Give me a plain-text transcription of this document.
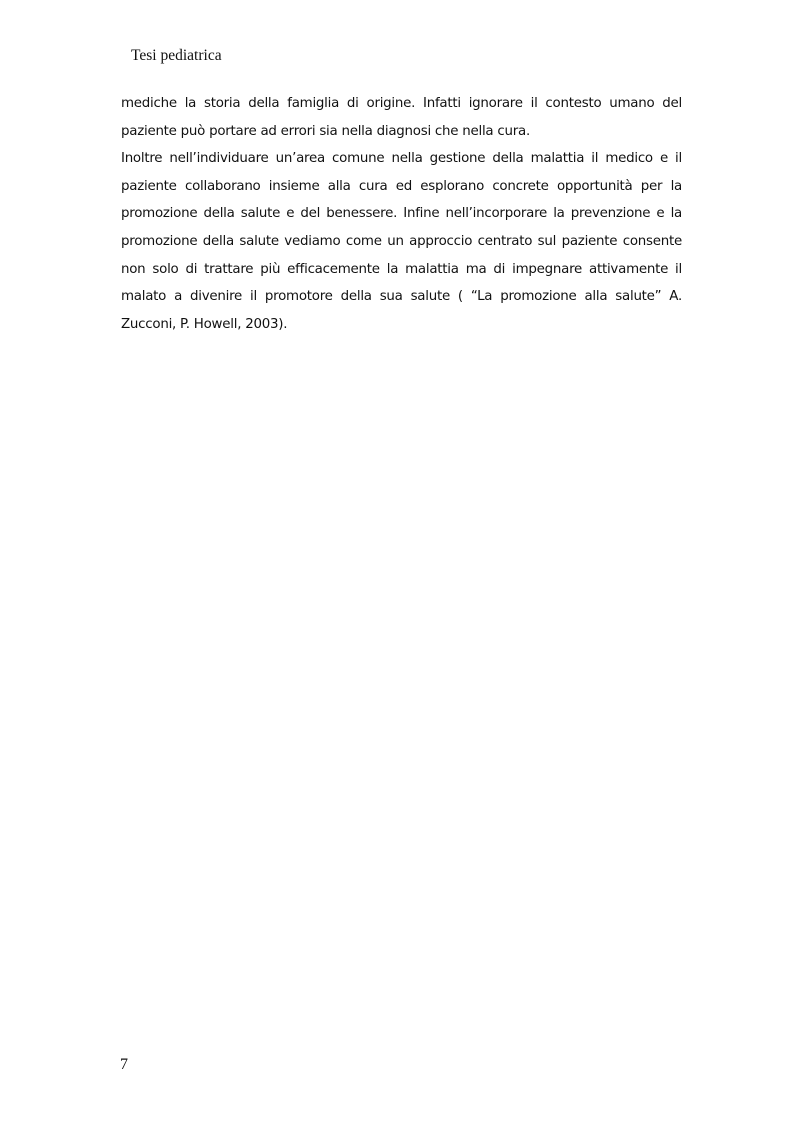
Tesi pediatrica

mediche la storia della famiglia di origine. Infatti ignorare il contesto umano del paziente può portare ad errori sia nella diagnosi che nella cura.

Inoltre nell’individuare un’area comune nella gestione della malattia il medico e il paziente collaborano insieme alla cura ed esplorano concrete opportunità per la promozione della salute e del benessere. Infine nell’incorporare la prevenzione e la promozione della salute vediamo come un approccio centrato sul paziente consente non solo di trattare più efficacemente la malattia ma di impegnare attivamente il malato a divenire il promotore della sua salute ( “La promozione alla salute” A. Zucconi, P. Howell, 2003).

7
